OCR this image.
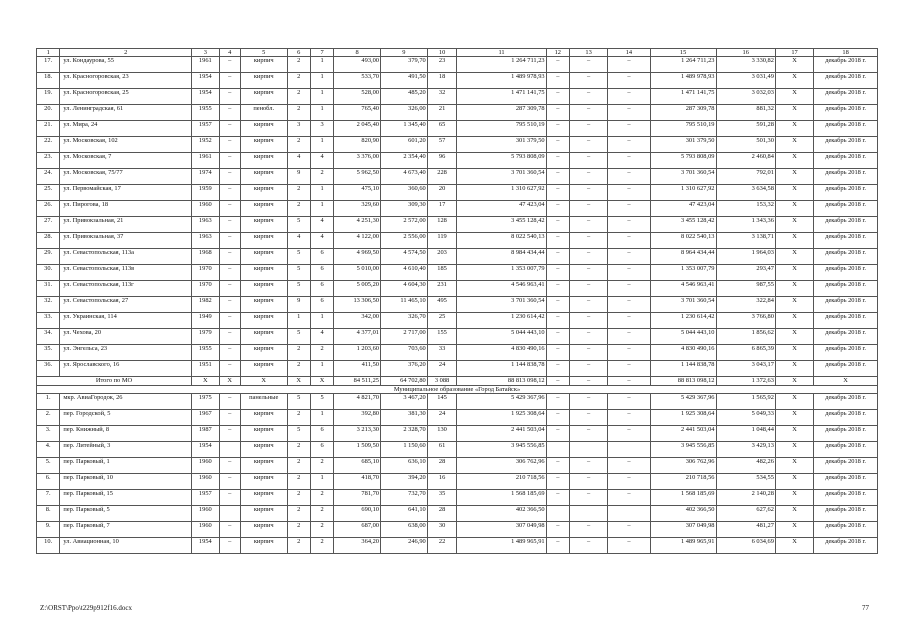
1	2	3	4	5	6	7	8	9	10	11	12	13	14	15	16	17	18
17.	ул. Кондаурова, 55	1961	–	кирпич	2	1	493,00	379,70	23	1 264 711,23	–	–	–	1 264 711,23	3 330,82	X	декабрь 2018 г.
18.	ул. Красногоровская, 23	1954	–	кирпич	2	1	533,70	491,50	18	1 489 978,93	–	–	–	1 489 978,93	3 031,49	X	декабрь 2018 г.
19.	ул. Красногоровская, 25	1954	–	кирпич	2	1	528,00	485,20	32	1 471 141,75	–	–	–	1 471 141,75	3 032,03	X	декабрь 2018 г.
20.	ул. Ленинградская, 61	1955	–	пенобл.	2	1	765,40	326,00	21	287 309,78	–	–	–	287 309,78	881,32	X	декабрь 2018 г.
21.	ул. Мира, 24	1957	–	кирпич	3	3	2 045,40	1 345,40	65	795 510,19	–	–	–	795 510,19	591,28	X	декабрь 2018 г.
22.	ул. Московская, 102	1952	–	кирпич	2	1	820,90	601,20	57	301 379,50	–	–	–	301 379,50	501,30	X	декабрь 2018 г.
23.	ул. Московская, 7	1961	–	кирпич	4	4	3 376,00	2 354,40	96	5 793 808,09	–	–	–	5 793 808,09	2 460,84	X	декабрь 2018 г.
24.	ул. Московская, 75/77	1974	–	кирпич	9	2	5 962,50	4 673,40	228	3 701 360,54	–	–	–	3 701 360,54	792,01	X	декабрь 2018 г.
25.	ул. Первомайская, 17	1959	–	кирпич	2	1	475,10	360,60	20	1 310 627,92	–	–	–	1 310 627,92	3 634,58	X	декабрь 2018 г.
26.	ул. Пирогова, 18	1960	–	кирпич	2	1	329,60	309,30	17	47 423,04	–	–	–	47 423,04	153,32	X	декабрь 2018 г.
27.	ул. Привокзальная, 21	1963	–	кирпич	5	4	4 251,30	2 572,00	128	3 455 128,42	–	–	–	3 455 128,42	1 343,36	X	декабрь 2018 г.
28.	ул. Привокзальная, 37	1963	–	кирпич	4	4	4 122,00	2 556,00	119	8 022 540,13	–	–	–	8 022 540,13	3 138,71	X	декабрь 2018 г.
29.	ул. Севастопольская, 113а	1968	–	кирпич	5	6	4 969,50	4 574,50	203	8 984 434,44	–	–	–	8 964 434,44	1 964,03	X	декабрь 2018 г.
30.	ул. Севастопольская, 113в	1970	–	кирпич	5	6	5 010,00	4 610,40	185	1 353 007,79	–	–	–	1 353 007,79	293,47	X	декабрь 2018 г.
31.	ул. Севастопольская, 113г	1970	–	кирпич	5	6	5 005,20	4 604,30	231	4 546 963,41	–	–	–	4 546 963,41	987,55	X	декабрь 2018 г.
32.	ул. Севастопольская, 27	1982	–	кирпич	9	6	13 306,50	11 465,10	495	3 701 360,54	–	–	–	3 701 360,54	322,84	X	декабрь 2018 г.
33.	ул. Украинская, 114	1949	–	кирпич	1	1	342,00	326,70	25	1 230 614,42	–	–	–	1 230 614,42	3 766,80	X	декабрь 2018 г.
34.	ул. Чехова, 20	1979	–	кирпич	5	4	4 377,01	2 717,00	155	5 044 443,10	–	–	–	5 044 443,10	1 856,62	X	декабрь 2018 г.
35.	ул. Энгельса, 23	1955	–	кирпич	2	2	1 203,60	703,60	33	4 830 490,16	–	–	–	4 830 490,16	6 865,39	X	декабрь 2018 г.
36.	ул. Ярославского, 16	1951	–	кирпич	2	1	411,50	376,20	24	1 144 838,78	–	–	–	1 144 838,78	3 043,17	X	декабрь 2018 г.
Итого по МО		X	X	X	X	X	84 511,25	64 702,80	3 088	88 813 098,12	–	–	–	88 813 098,12	1 372,63	X	X
Муниципальное образование «Город Батайск»																	
1.	мкр. АвиаГородок, 26	1975	–	панельные	5	5	4 821,70	3 467,20	145	5 429 367,96	–	–	–	5 429 367,96	1 565,92	X	декабрь 2018 г.
2.	пер. Городской, 5	1967	–	кирпич	2	1	392,80	381,30	24	1 925 308,64	–	–	–	1 925 308,64	5 049,33	X	декабрь 2018 г.
3.	пер. Книжный, 8	1987	–	кирпич	5	6	3 213,30	2 328,70	130	2 441 503,04	–	–	–	2 441 503,04	1 048,44	X	декабрь 2018 г.
4.	пер. Литейный, 3	1954		кирпич	2	6	1 509,50	1 150,60	61	3 945 556,85				3 945 556,85	3 429,13	X	декабрь 2018 г.
5.	пер. Парковый, 1	1960	–	кирпич	2	2	685,10	636,10	28	306 762,96	–	–	–	306 762,96	482,26	X	декабрь 2018 г.
6.	пер. Парковый, 10	1960	–	кирпич	2	1	418,70	394,20	16	210 718,56	–	–	–	210 718,56	534,55	X	декабрь 2018 г.
7.	пер. Парковый, 15	1957	–	кирпич	2	2	781,70	732,70	35	1 568 185,69	–	–	–	1 568 185,69	2 140,28	X	декабрь 2018 г.
8.	пер. Парковый, 5	1960		кирпич	2	2	690,10	641,10	28	402 366,50				402 366,50	627,62	X	декабрь 2018 г.
9.	пер. Парковый, 7	1960	–	кирпич	2	2	687,00	638,00	30	307 049,98	–	–	–	307 049,98	481,27	X	декабрь 2018 г.
10.	ул. Авиационная, 10	1954	–	кирпич	2	2	364,20	246,90	22	1 489 965,91	–	–	–	1 489 965,91	6 034,69	X	декабрь 2018 г.
Z:\ORST\Ppo\t229p912f16.docx	77
